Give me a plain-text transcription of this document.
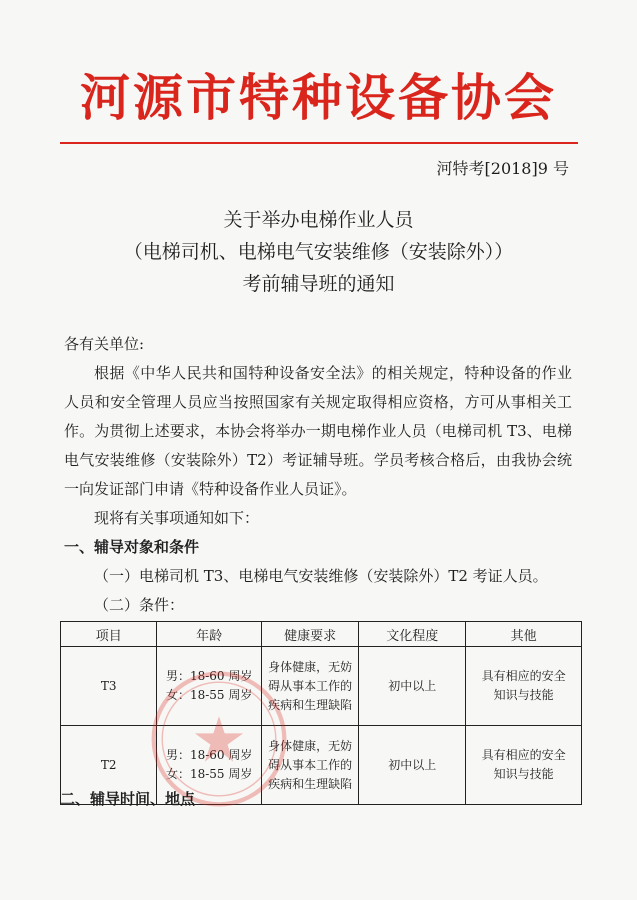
河源市特种设备协会
河特考[2018]9 号
关于举办电梯作业人员
（电梯司机、电梯电气安装维修（安装除外））
考前辅导班的通知

各有关单位:

根据《中华人民共和国特种设备安全法》的相关规定，特种设备的作业人员和安全管理人员应当按照国家有关规定取得相应资格，方可从事相关工作。为贯彻上述要求，本协会将举办一期电梯作业人员（电梯司机 T3、电梯电气安装维修（安装除外）T2）考证辅导班。学员考核合格后，由我协会统一向发证部门申请《特种设备作业人员证》。

现将有关事项通知如下：

一、辅导对象和条件

（一）电梯司机 T3、电梯电气安装维修（安装除外）T2 考证人员。

（二）条件：

项目	年龄	健康要求	文化程度	其他
T3	男：18-60 周岁
女：18-55 周岁	身体健康，无妨
碍从事本工作的
疾病和生理缺陷	初中以上	具有相应的安全
知识与技能
T2	男：18-60 周岁
女：18-55 周岁	身体健康，无妨
碍从事本工作的
疾病和生理缺陷	初中以上	具有相应的安全
知识与技能
二、辅导时间、地点
